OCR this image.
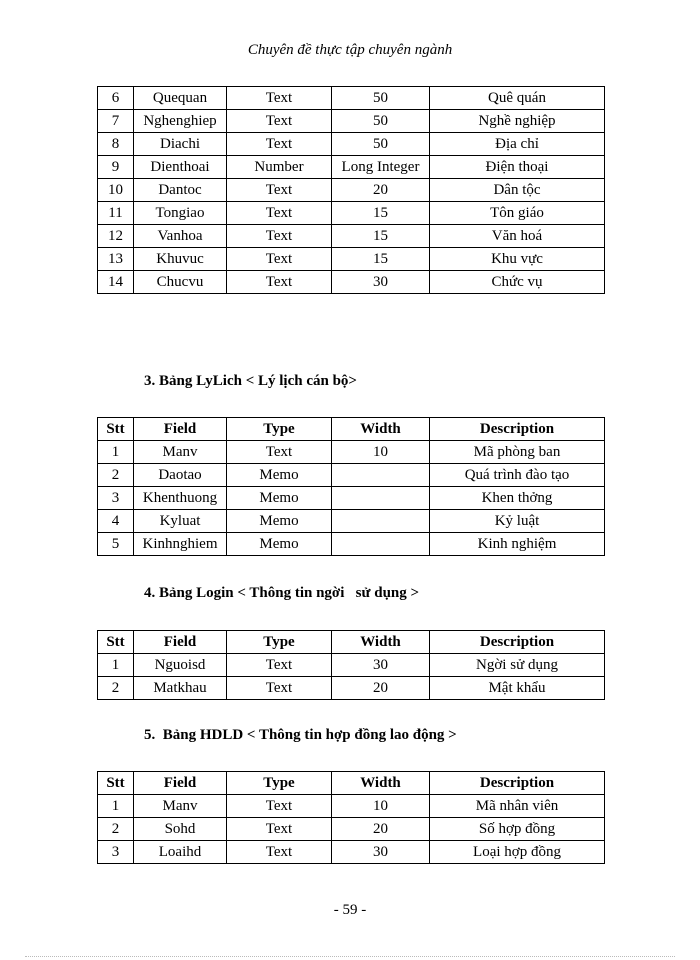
Chuyên đề thực tập chuyên ngành
6	Quequan	Text	50	Quê quán
7	Nghenghiep	Text	50	Nghề nghiệp
8	Diachi	Text	50	Địa chỉ
9	Dienthoai	Number	Long Integer	Điện thoại
10	Dantoc	Text	20	Dân tộc
11	Tongiao	Text	15	Tôn giáo
12	Vanhoa	Text	15	Văn hoá
13	Khuvuc	Text	15	Khu vực
14	Chucvu	Text	30	Chức vụ
3. Bảng LyLich < Lý lịch cán bộ>
Stt	Field	Type	Width	Description
1	Manv	Text	10	Mã phòng ban
2	Daotao	Memo		Quá trình đào tạo
3	Khenthuong	Memo		Khen thởng
4	Kyluat	Memo		Kỷ luật
5	Kinhnghiem	Memo		Kinh nghiệm
4. Bảng Login < Thông tin ngời   sử dụng >
Stt	Field	Type	Width	Description
1	Nguoisd	Text	30	Ngời sử dụng
2	Matkhau	Text	20	Mật khẩu
5.  Bảng HDLD < Thông tin hợp đồng lao động >
Stt	Field	Type	Width	Description
1	Manv	Text	10	Mã nhân viên
2	Sohd	Text	20	Số hợp đồng
3	Loaihd	Text	30	Loại hợp đồng
- 59 -
